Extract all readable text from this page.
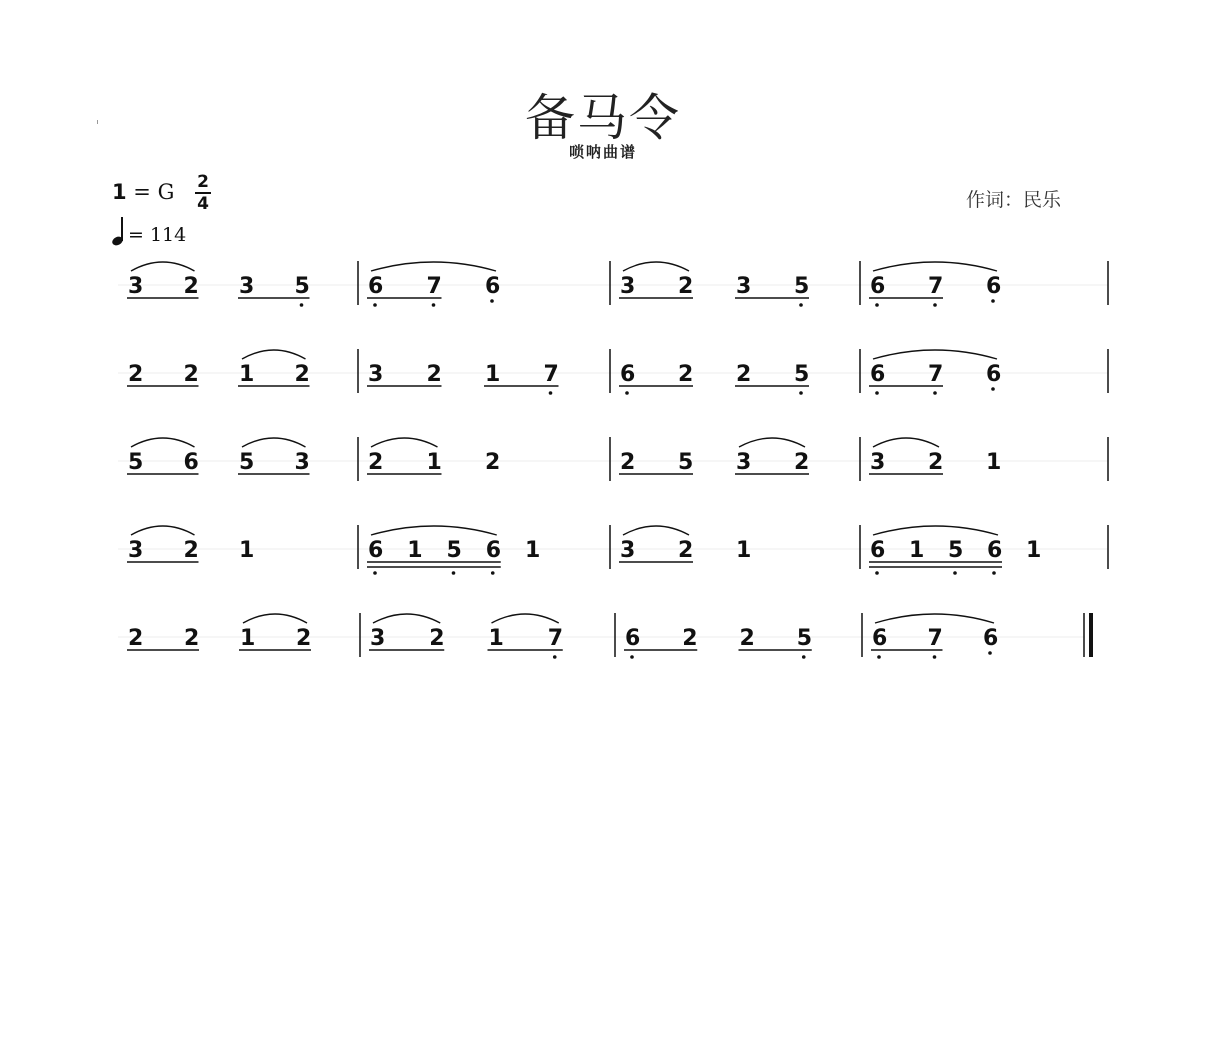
备马令
唢呐曲谱
1 = G 2
4
= 114
作词：民乐
3 2 3 5	6 7 6	3 2 3 5	6 7 6
2 2 1 2	3 2 1 7	6 2 2 5	6 7 6
5 6 5 3	2 1 2	2 5 3 2	3 2 1
3 2 1	6 1 5 6 1	3 2 1	6 1 5 6 1
2 2 1 2	3 2 1 7	6 2 2 5	6 7 6
